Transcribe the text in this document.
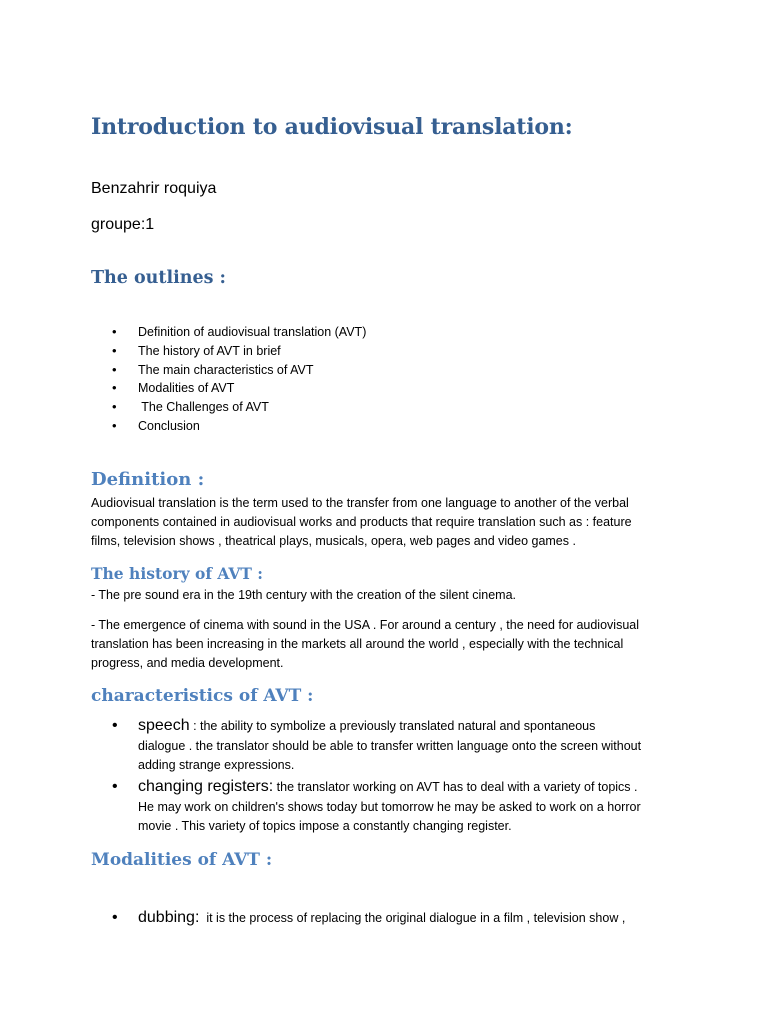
Introduction to audiovisual translation:
Benzahrir roquiya
groupe:1
The outlines :
• Definition of audiovisual translation (AVT)
• The history of AVT in brief
• The main characteristics of AVT
• Modalities of AVT
• The Challenges of AVT
• Conclusion
Definition :
Audiovisual translation is the term used to the transfer from one language to another of the verbal
components contained in audiovisual works and products that require translation such as : feature
films, television shows , theatrical plays, musicals, opera, web pages and video games .
The history of AVT :
- The pre sound era in the 19th century with the creation of the silent cinema.
- The emergence of cinema with sound in the USA . For around a century , the need for audiovisual
translation has been increasing in the markets all around the world , especially with the technical
progress, and media development.
characteristics of AVT :
• speech : the ability to symbolize a previously translated natural and spontaneous
dialogue . the translator should be able to transfer written language onto the screen without
adding strange expressions.
• changing registers: the translator working on AVT has to deal with a variety of topics .
He may work on children's shows today but tomorrow he may be asked to work on a horror
movie . This variety of topics impose a constantly changing register.
Modalities of AVT :
• dubbing:  it is the process of replacing the original dialogue in a film , television show ,
